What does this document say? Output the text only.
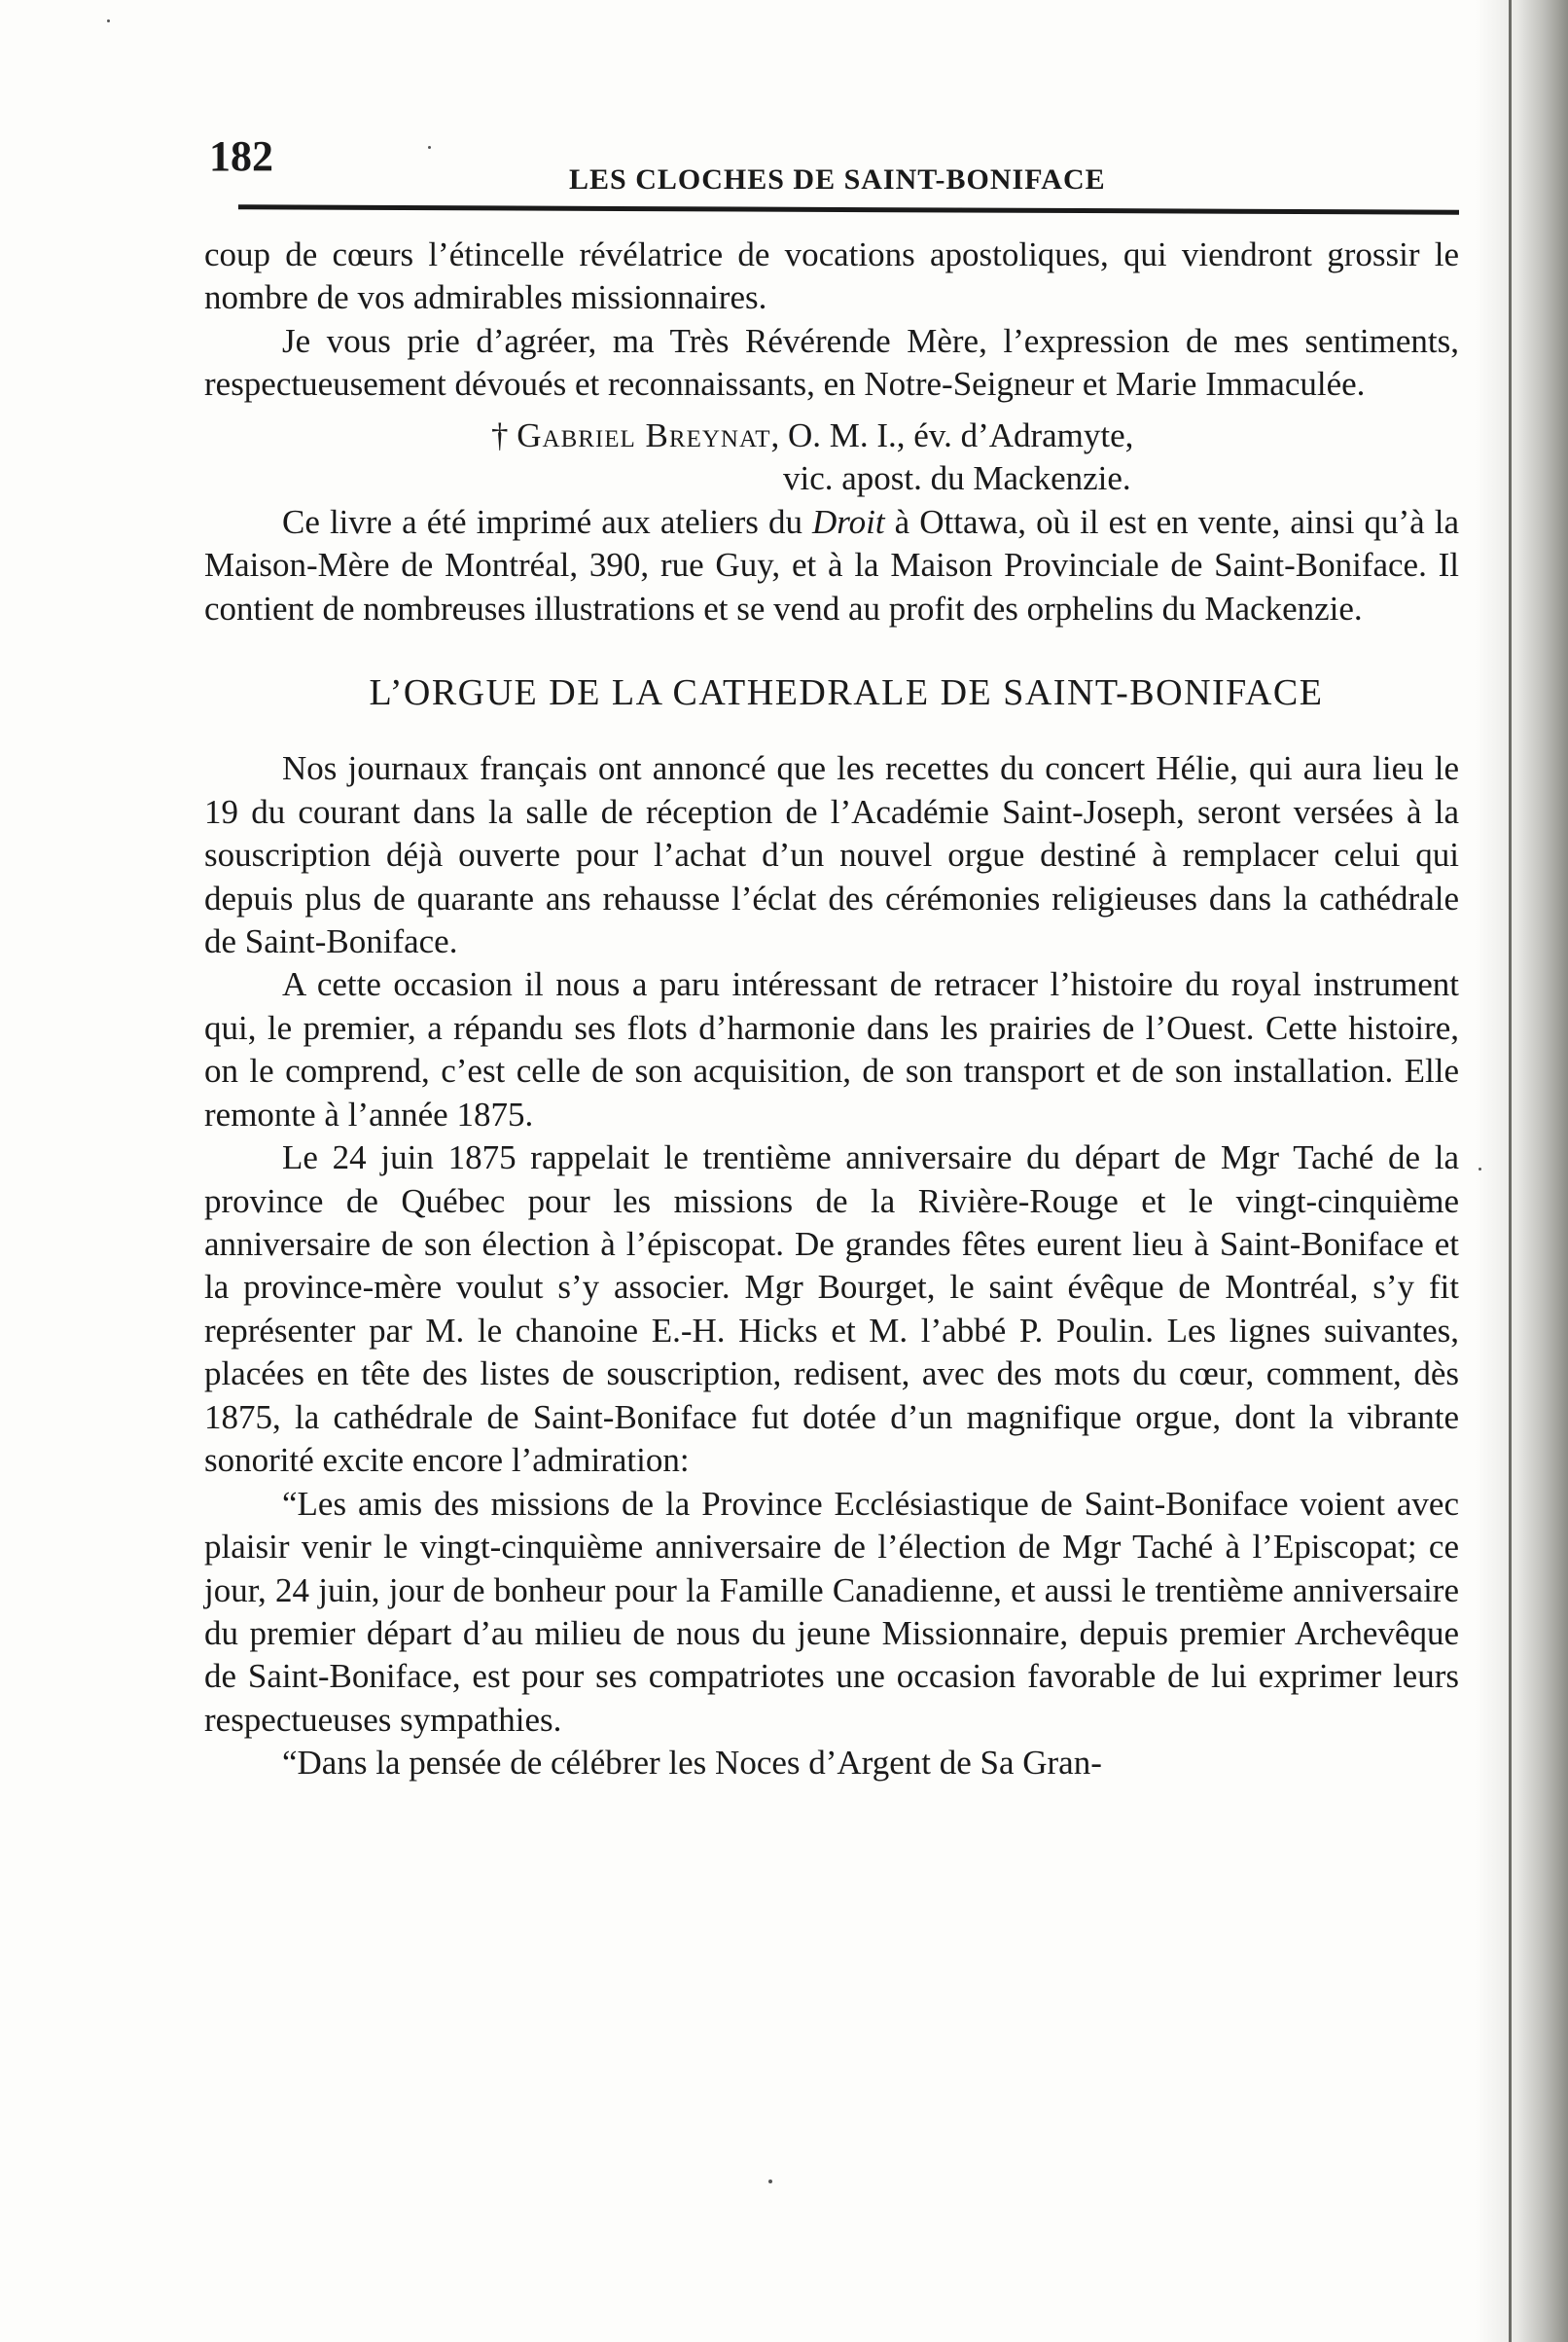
182	LES CLOCHES DE SAINT-BONIFACE

coup de cœurs l’étincelle révélatrice de vocations apostoliques, qui viendront grossir le nombre de vos admirables missionnaires.

Je vous prie d’agréer, ma Très Révérende Mère, l’expression de mes sentiments, respectueusement dévoués et reconnaissants, en Notre-Seigneur et Marie Immaculée.

† Gabriel Breynat, O. M. I., év. d’Adramyte,
vic. apost. du Mackenzie.

Ce livre a été imprimé aux ateliers du Droit à Ottawa, où il est en vente, ainsi qu’à la Maison-Mère de Montréal, 390, rue Guy, et à la Maison Provinciale de Saint-Boniface. Il contient de nombreuses illustrations et se vend au profit des orphelins du Mackenzie.

L’ORGUE DE LA CATHEDRALE DE SAINT-BONIFACE

Nos journaux français ont annoncé que les recettes du concert Hélie, qui aura lieu le 19 du courant dans la salle de réception de l’Académie Saint-Joseph, seront versées à la souscription déjà ouverte pour l’achat d’un nouvel orgue destiné à remplacer celui qui depuis plus de quarante ans rehausse l’éclat des cérémonies religieuses dans la cathédrale de Saint-Boniface.

A cette occasion il nous a paru intéressant de retracer l’histoire du royal instrument qui, le premier, a répandu ses flots d’harmonie dans les prairies de l’Ouest. Cette histoire, on le comprend, c’est celle de son acquisition, de son transport et de son installation. Elle remonte à l’année 1875.

Le 24 juin 1875 rappelait le trentième anniversaire du départ de Mgr Taché de la province de Québec pour les missions de la Rivière-Rouge et le vingt-cinquième anniversaire de son élection à l’épiscopat. De grandes fêtes eurent lieu à Saint-Boniface et la province-mère voulut s’y associer. Mgr Bourget, le saint évêque de Montréal, s’y fit représenter par M. le chanoine E.-H. Hicks et M. l’abbé P. Poulin. Les lignes suivantes, placées en tête des listes de souscription, redisent, avec des mots du cœur, comment, dès 1875, la cathédrale de Saint-Boniface fut dotée d’un magnifique orgue, dont la vibrante sonorité excite encore l’admiration:

“Les amis des missions de la Province Ecclésiastique de Saint-Boniface voient avec plaisir venir le vingt-cinquième anniversaire de l’élection de Mgr Taché à l’Episcopat; ce jour, 24 juin, jour de bonheur pour la Famille Canadienne, et aussi le trentième anniversaire du premier départ d’au milieu de nous du jeune Missionnaire, depuis premier Archevêque de Saint-Boniface, est pour ses compatriotes une occasion favorable de lui exprimer leurs respectueuses sympathies.

“Dans la pensée de célébrer les Noces d’Argent de Sa Gran-
